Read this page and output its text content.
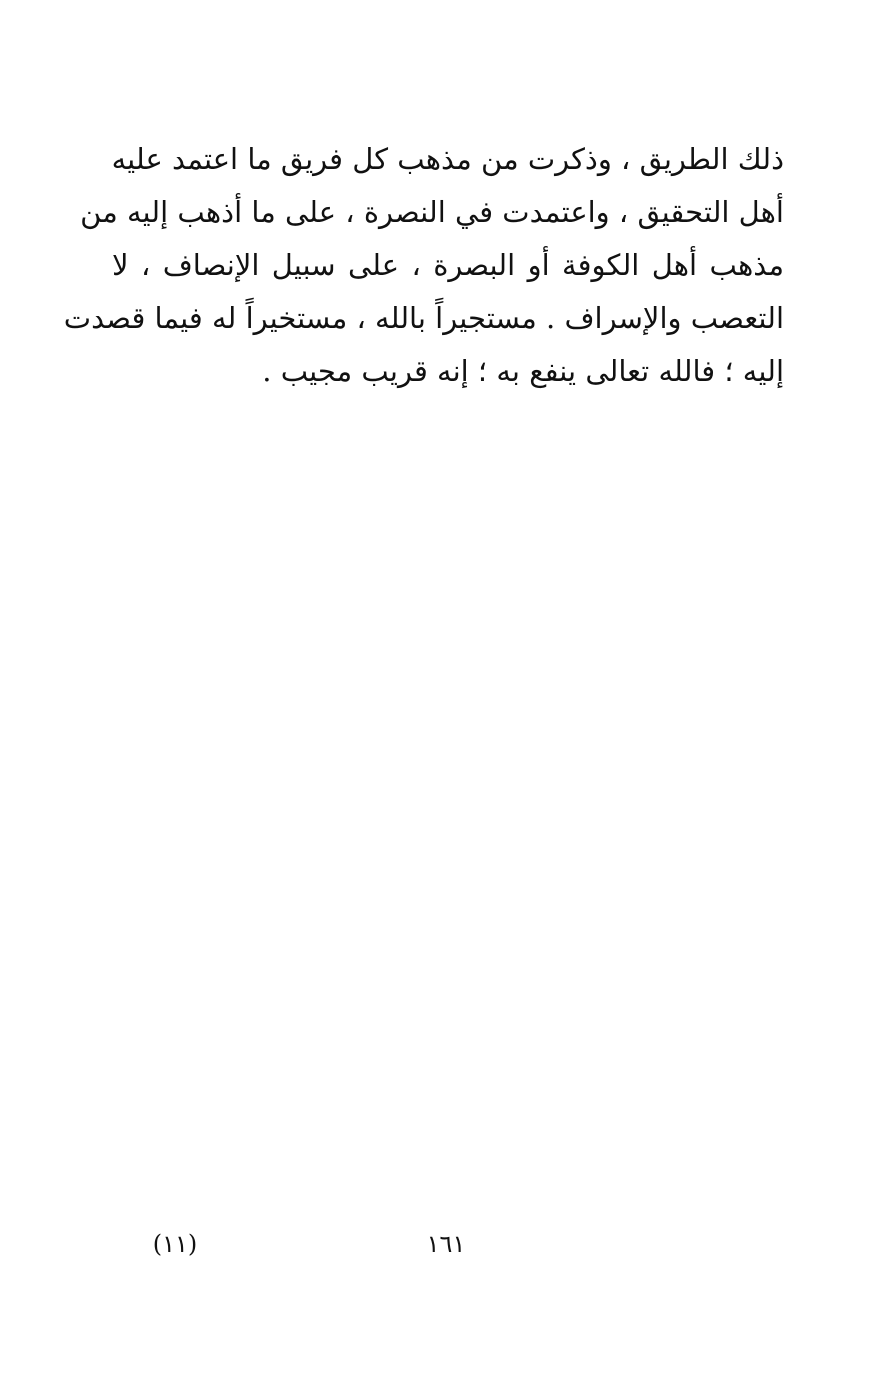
ذلك الطريق ، وذكرت من مذهب كل فريق ما اعتمد عليه
أهل التحقيق ، واعتمدت في النصرة ، على ما أذهب إليه من
مذهب أهل الكوفة أو البصرة ، على سبيل الإنصاف ، لا
التعصب والإسراف . مستجيراً بالله ، مستخيراً له فيما قصدت
إليه ؛ فالله تعالى ينفع به ؛ إنه قريب مجيب .
١٦١
(١١)
